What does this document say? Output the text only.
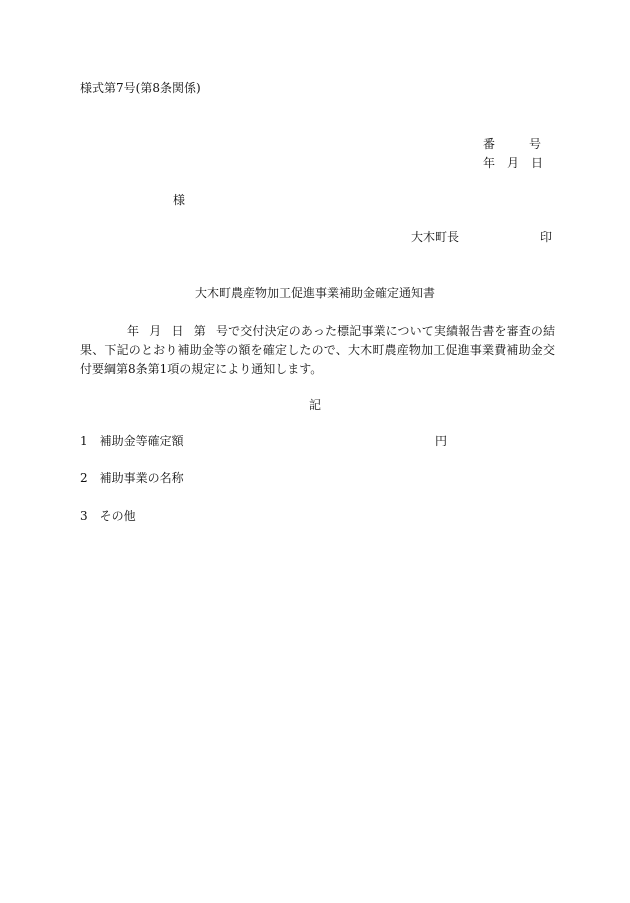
様式第7号(第8条関係)
番	号
年 月 日
様
大木町長	印
大木町農産物加工促進事業補助金確定通知書
年 月 日 第 号で交付決定のあった標記事業について実績報告書を審査の結果、下記のとおり補助金等の額を確定したので、大木町農産物加工促進事業費補助金交付要綱第8条第1項の規定により通知します。
記
1 補助金等確定額	円
2 補助事業の名称
3 その他
